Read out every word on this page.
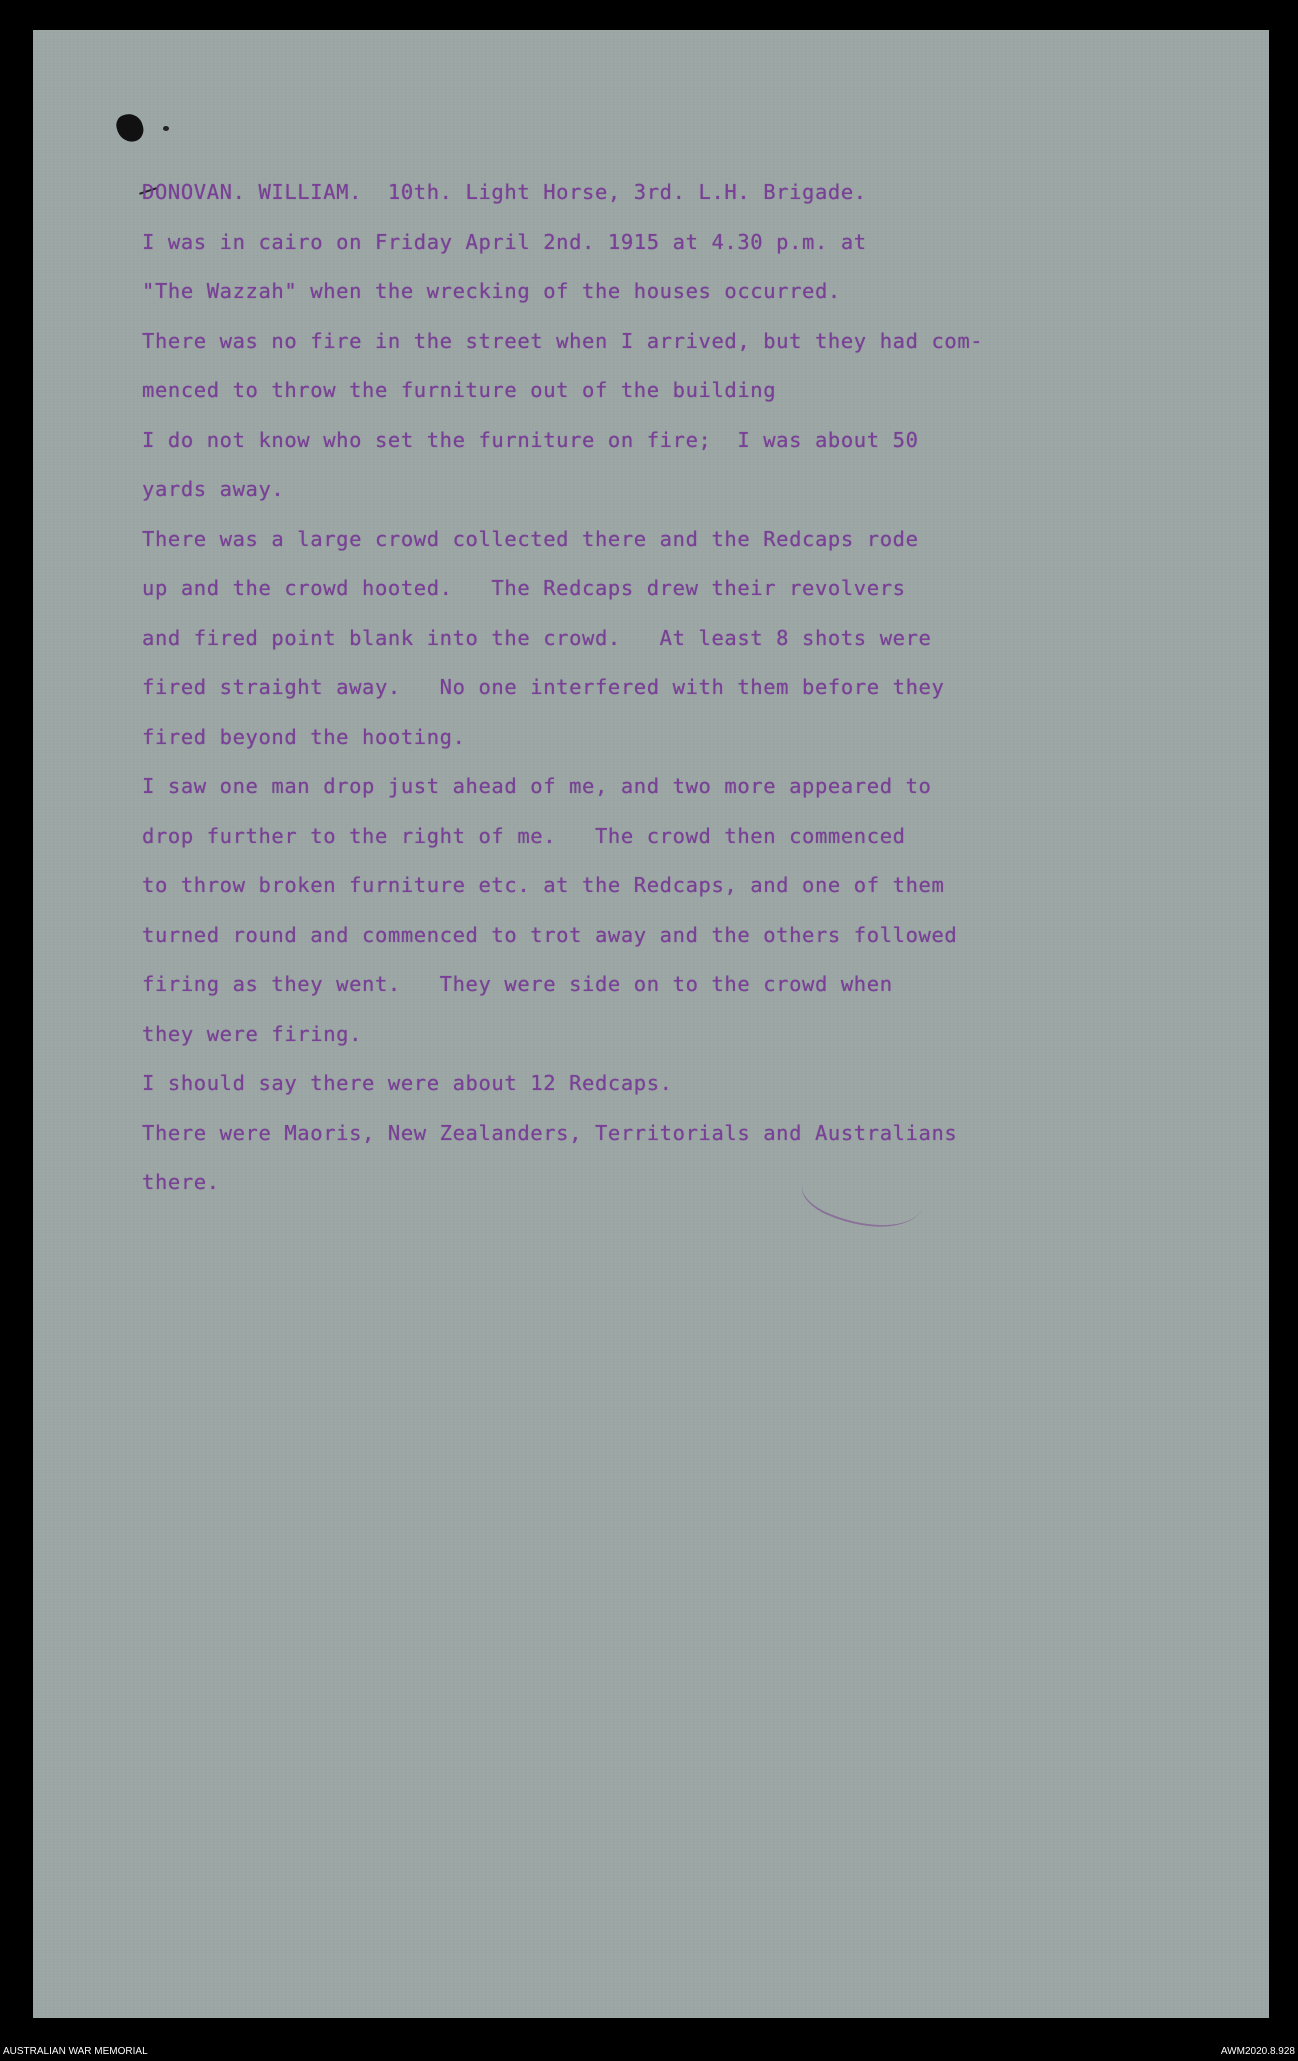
DONOVAN. WILLIAM.  10th. Light Horse, 3rd. L.H. Brigade.
I was in cairo on Friday April 2nd. 1915 at 4.30 p.m. at
"The Wazzah" when the wrecking of the houses occurred.
There was no fire in the street when I arrived, but they had com-
menced to throw the furniture out of the building
I do not know who set the furniture on fire;  I was about 50
yards away.
There was a large crowd collected there and the Redcaps rode
up and the crowd hooted.   The Redcaps drew their revolvers
and fired point blank into the crowd.   At least 8 shots were
fired straight away.   No one interfered with them before they
fired beyond the hooting.
I saw one man drop just ahead of me, and two more appeared to
drop further to the right of me.   The crowd then commenced
to throw broken furniture etc. at the Redcaps, and one of them
turned round and commenced to trot away and the others followed
firing as they went.   They were side on to the crowd when
they were firing.
I should say there were about 12 Redcaps.
There were Maoris, New Zealanders, Territorials and Australians
there.
AUSTRALIAN WAR MEMORIAL	AWM2020.8.928
